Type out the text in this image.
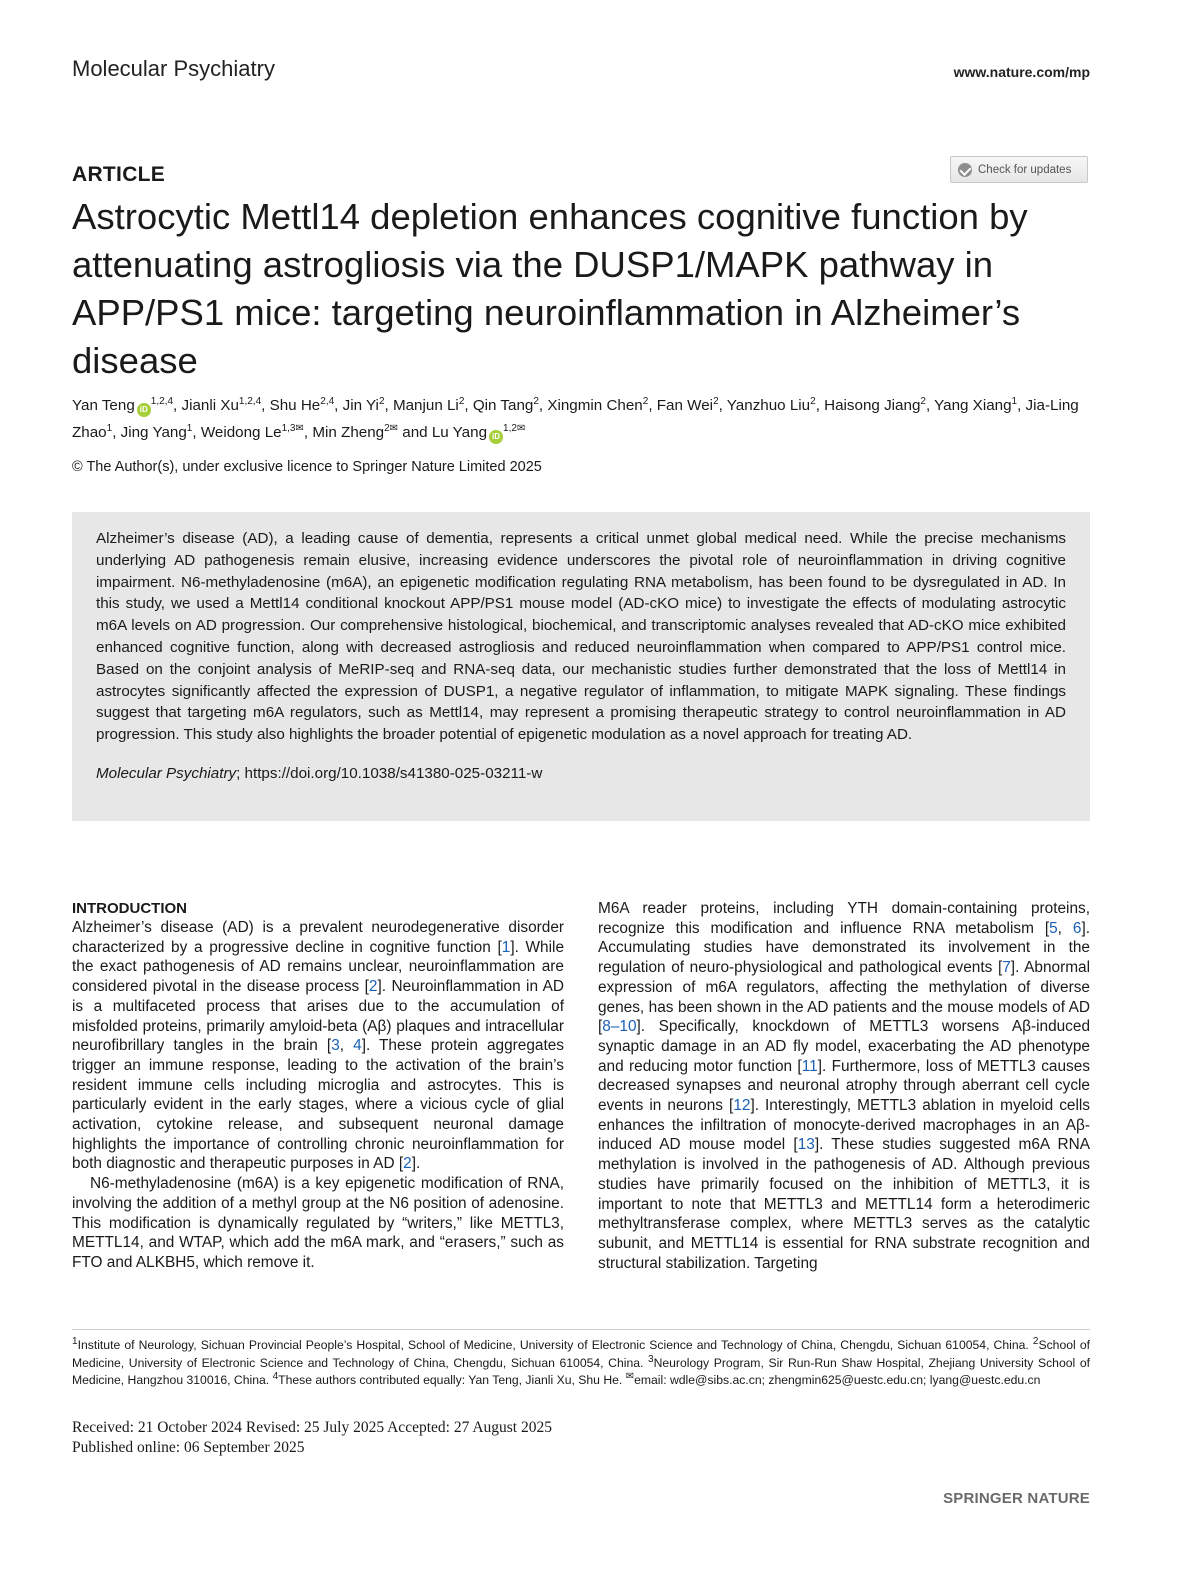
Molecular Psychiatry	www.nature.com/mp
ARTICLE	Check for updates
Astrocytic Mettl14 depletion enhances cognitive function by attenuating astrogliosis via the DUSP1/MAPK pathway in APP/PS1 mice: targeting neuroinflammation in Alzheimer’s disease
Yan Teng iD$^{1,2,4}$, Jianli Xu$^{1,2,4}$, Shu He$^{2,4}$, Jin Yi$^2$, Manjun Li$^2$, Qin Tang$^2$, Xingmin Chen$^2$, Fan Wei$^2$, Yanzhuo Liu$^2$, Haisong Jiang$^2$, Yang Xiang$^1$, Jia-Ling Zhao$^1$, Jing Yang$^1$, Weidong $Le^{1,3✉}$, Min Zheng$^{2✉}$ and Lu Yang $iD^{1,2✉}$
© The Author(s), under exclusive licence to Springer Nature Limited 2025
Alzheimer’s disease (AD), a leading cause of dementia, represents a critical unmet global medical need. While the precise mechanisms underlying AD pathogenesis remain elusive, increasing evidence underscores the pivotal role of neuroinflammation in driving cognitive impairment. N6-methyladenosine (m6A), an epigenetic modification regulating RNA metabolism, has been found to be dysregulated in AD. In this study, we used a Mettl14 conditional knockout APP/PS1 mouse model (AD-cKO mice) to investigate the effects of modulating astrocytic m6A levels on AD progression. Our comprehensive histological, biochemical, and transcriptomic analyses revealed that AD-cKO mice exhibited enhanced cognitive function, along with decreased astrogliosis and reduced neuroinflammation when compared to APP/PS1 control mice. Based on the conjoint analysis of MeRIP-seq and RNA-seq data, our mechanistic studies further demonstrated that the loss of Mettl14 in astrocytes significantly affected the expression of DUSP1, a negative regulator of inflammation, to mitigate MAPK signaling. These findings suggest that targeting m6A regulators, such as Mettl14, may represent a promising therapeutic strategy to control neuroinflammation in AD progression. This study also highlights the broader potential of epigenetic modulation as a novel approach for treating AD.
Molecular Psychiatry; https://doi.org/10.1038/s41380-025-03211-w
INTRODUCTION

Alzheimer’s disease (AD) is a prevalent neurodegenerative disorder characterized by a progressive decline in cognitive function [1]. While the exact pathogenesis of AD remains unclear, neuroinflammation are considered pivotal in the disease process [2]. Neuroinflammation in AD is a multifaceted process that arises due to the accumulation of misfolded proteins, primarily amyloid-beta (Aβ) plaques and intracellular neurofibrillary tangles in the brain [3, 4]. These protein aggregates trigger an immune response, leading to the activation of the brain’s resident immune cells including microglia and astrocytes. This is particularly evident in the early stages, where a vicious cycle of glial activation, cytokine release, and subsequent neuronal damage highlights the importance of controlling chronic neuroinflammation for both diagnostic and therapeutic purposes in AD [2].

N6-methyladenosine (m6A) is a key epigenetic modification of RNA, involving the addition of a methyl group at the N6 position of adenosine. This modification is dynamically regulated by “writers,” like METTL3, METTL14, and WTAP, which add the m6A mark, and “erasers,” such as FTO and ALKBH5, which remove it.

M6A reader proteins, including YTH domain-containing proteins, recognize this modification and influence RNA metabolism [5, 6]. Accumulating studies have demonstrated its involvement in the regulation of neuro-physiological and pathological events [7]. Abnormal expression of m6A regulators, affecting the methylation of diverse genes, has been shown in the AD patients and the mouse models of AD [8–10]. Specifically, knockdown of METTL3 worsens Aβ-induced synaptic damage in an AD fly model, exacerbating the AD phenotype and reducing motor function [11]. Furthermore, loss of METTL3 causes decreased synapses and neuronal atrophy through aberrant cell cycle events in neurons [12]. Interestingly, METTL3 ablation in myeloid cells enhances the infiltration of monocyte-derived macrophages in an Aβ-induced AD mouse model [13]. These studies suggested m6A RNA methylation is involved in the pathogenesis of AD. Although previous studies have primarily focused on the inhibition of METTL3, it is important to note that METTL3 and METTL14 form a heterodimeric methyltransferase complex, where METTL3 serves as the catalytic subunit, and METTL14 is essential for RNA substrate recognition and structural stabilization. Targeting

$^1$Institute of Neurology, Sichuan Provincial People’s Hospital, School of Medicine, University of Electronic Science and Technology of China, Chengdu, Sichuan 610054, China. $^2$School of Medicine, University of Electronic Science and Technology of China, Chengdu, Sichuan 610054, China. $^3$Neurology Program, Sir Run-Run Shaw Hospital, Zhejiang University School of Medicine, Hangzhou 310016, China. $^4$These authors contributed equally: Yan Teng, Jianli Xu, Shu He. ✉email: wdle@sibs.ac.cn; zhengmin625@uestc.edu.cn; lyang@uestc.edu.cn
Received: 21 October 2024 Revised: 25 July 2025 Accepted: 27 August 2025
Published online: 06 September 2025
SPRINGER NATURE
